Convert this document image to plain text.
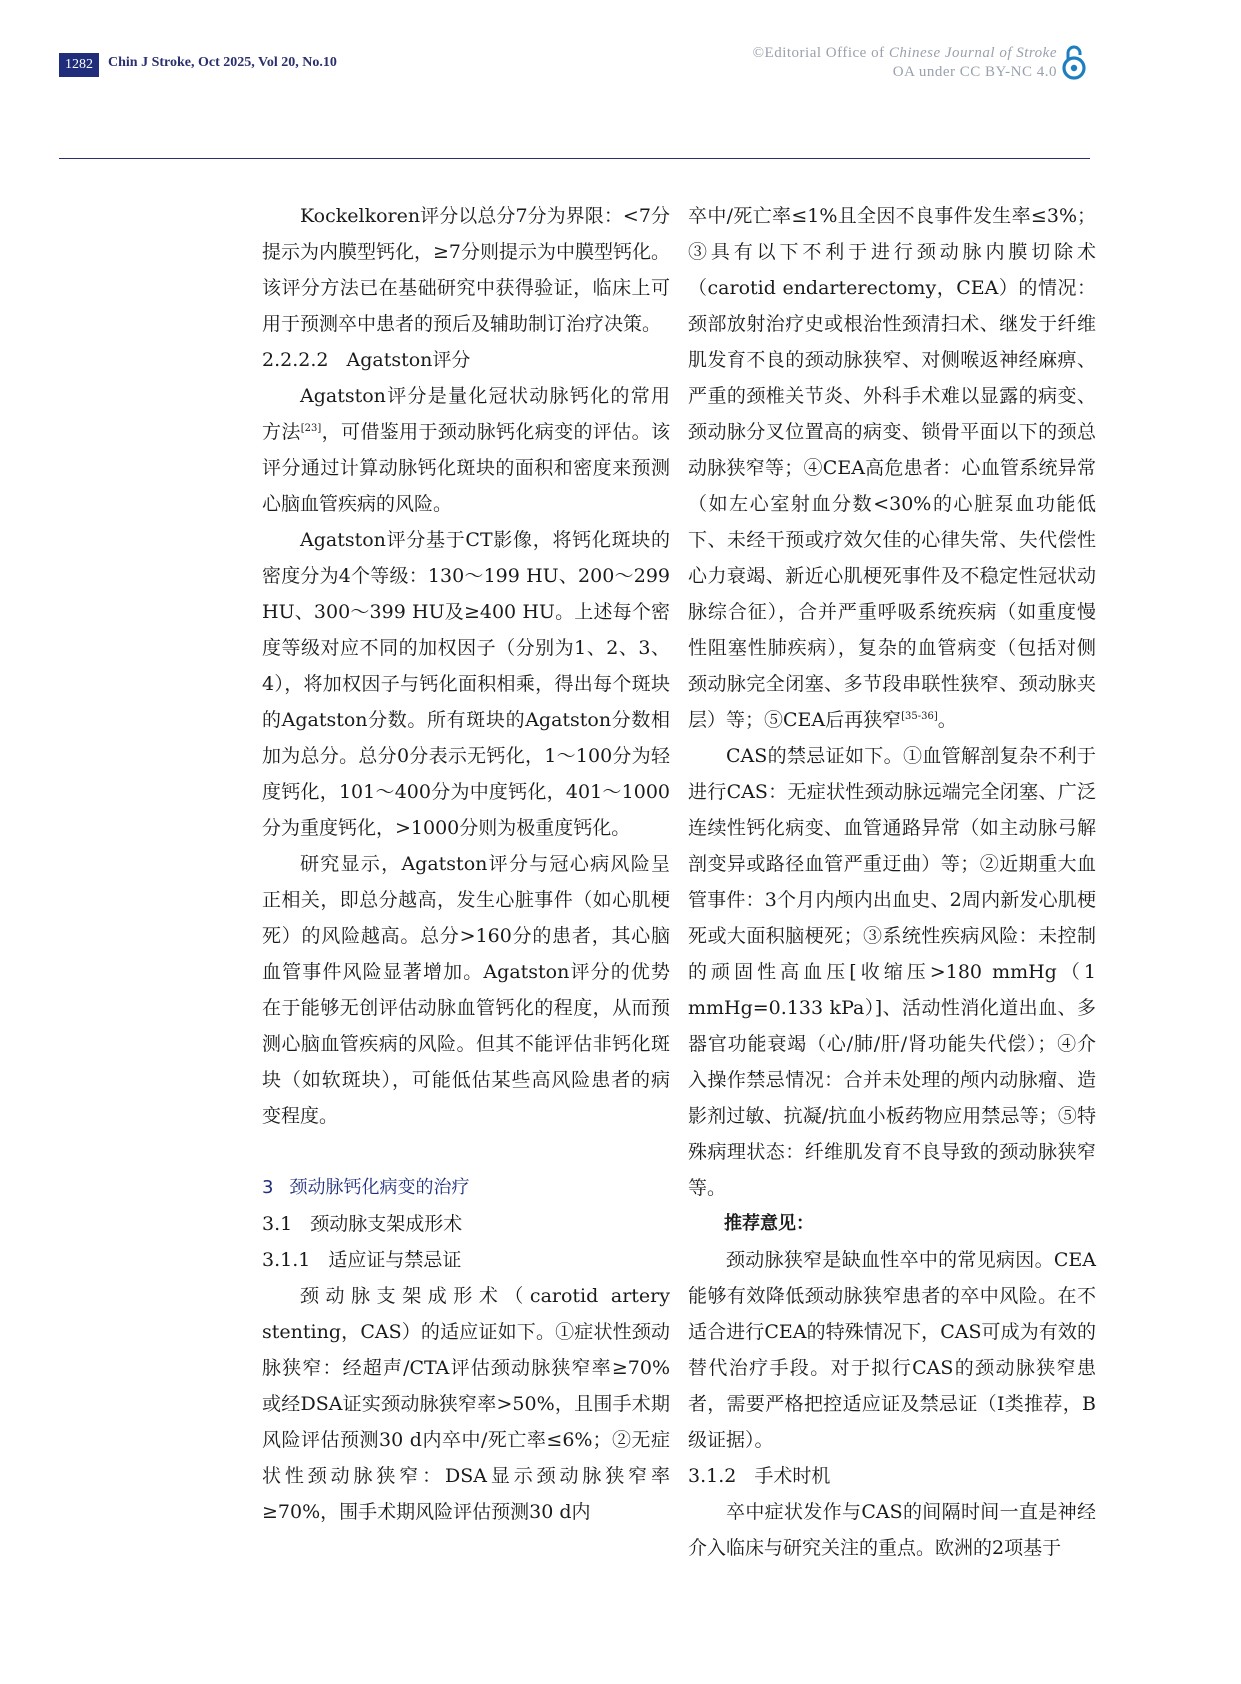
1282	Chin J Stroke, Oct 2025, Vol 20, No.10
©Editorial Office of Chinese Journal of Stroke
OA under CC BY-NC 4.0

Kockelkoren评分以总分7分为界限：<7分提示为内膜型钙化，≥7分则提示为中膜型钙化。该评分方法已在基础研究中获得验证，临床上可用于预测卒中患者的预后及辅助制订治疗决策。

2.2.2.2 Agatston评分

Agatston评分是量化冠状动脉钙化的常用方法[23]，可借鉴用于颈动脉钙化病变的评估。该评分通过计算动脉钙化斑块的面积和密度来预测心脑血管疾病的风险。

Agatston评分基于CT影像，将钙化斑块的密度分为4个等级：130～199 HU、200～299 HU、300～399 HU及≥400 HU。上述每个密度等级对应不同的加权因子（分别为1、2、3、4），将加权因子与钙化面积相乘，得出每个斑块的Agatston分数。所有斑块的Agatston分数相加为总分。总分0分表示无钙化，1～100分为轻度钙化，101～400分为中度钙化，401～1000分为重度钙化，>1000分则为极重度钙化。

研究显示，Agatston评分与冠心病风险呈正相关，即总分越高，发生心脏事件（如心肌梗死）的风险越高。总分>160分的患者，其心脑血管事件风险显著增加。Agatston评分的优势在于能够无创评估动脉血管钙化的程度，从而预测心脑血管疾病的风险。但其不能评估非钙化斑块（如软斑块），可能低估某些高风险患者的病变程度。

3 颈动脉钙化病变的治疗

3.1 颈动脉支架成形术

3.1.1 适应证与禁忌证

颈动脉支架成形术（carotid artery stenting，CAS）的适应证如下。①症状性颈动脉狭窄：经超声/CTA评估颈动脉狭窄率≥70%或经DSA证实颈动脉狭窄率>50%，且围手术期风险评估预测30 d内卒中/死亡率≤6%；②无症状性颈动脉狭窄：DSA显示颈动脉狭窄率≥70%，围手术期风险评估预测30 d内

卒中/死亡率≤1%且全因不良事件发生率≤3%；③具有以下不利于进行颈动脉内膜切除术（carotid endarterectomy，CEA）的情况：颈部放射治疗史或根治性颈清扫术、继发于纤维肌发育不良的颈动脉狭窄、对侧喉返神经麻痹、严重的颈椎关节炎、外科手术难以显露的病变、颈动脉分叉位置高的病变、锁骨平面以下的颈总动脉狭窄等；④CEA高危患者：心血管系统异常（如左心室射血分数<30%的心脏泵血功能低下、未经干预或疗效欠佳的心律失常、失代偿性心力衰竭、新近心肌梗死事件及不稳定性冠状动脉综合征），合并严重呼吸系统疾病（如重度慢性阻塞性肺疾病），复杂的血管病变（包括对侧颈动脉完全闭塞、多节段串联性狭窄、颈动脉夹层）等；⑤CEA后再狭窄[35-36]。

CAS的禁忌证如下。①血管解剖复杂不利于进行CAS：无症状性颈动脉远端完全闭塞、广泛连续性钙化病变、血管通路异常（如主动脉弓解剖变异或路径血管严重迂曲）等；②近期重大血管事件：3个月内颅内出血史、2周内新发心肌梗死或大面积脑梗死；③系统性疾病风险：未控制的顽固性高血压[收缩压>180 mmHg（1 mmHg=0.133 kPa）]、活动性消化道出血、多器官功能衰竭（心/肺/肝/肾功能失代偿）；④介入操作禁忌情况：合并未处理的颅内动脉瘤、造影剂过敏、抗凝/抗血小板药物应用禁忌等；⑤特殊病理状态：纤维肌发育不良导致的颈动脉狭窄等。

推荐意见：

颈动脉狭窄是缺血性卒中的常见病因。CEA能够有效降低颈动脉狭窄患者的卒中风险。在不适合进行CEA的特殊情况下，CAS可成为有效的替代治疗手段。对于拟行CAS的颈动脉狭窄患者，需要严格把控适应证及禁忌证（I类推荐，B级证据）。

3.1.2 手术时机

卒中症状发作与CAS的间隔时间一直是神经介入临床与研究关注的重点。欧洲的2项基于
